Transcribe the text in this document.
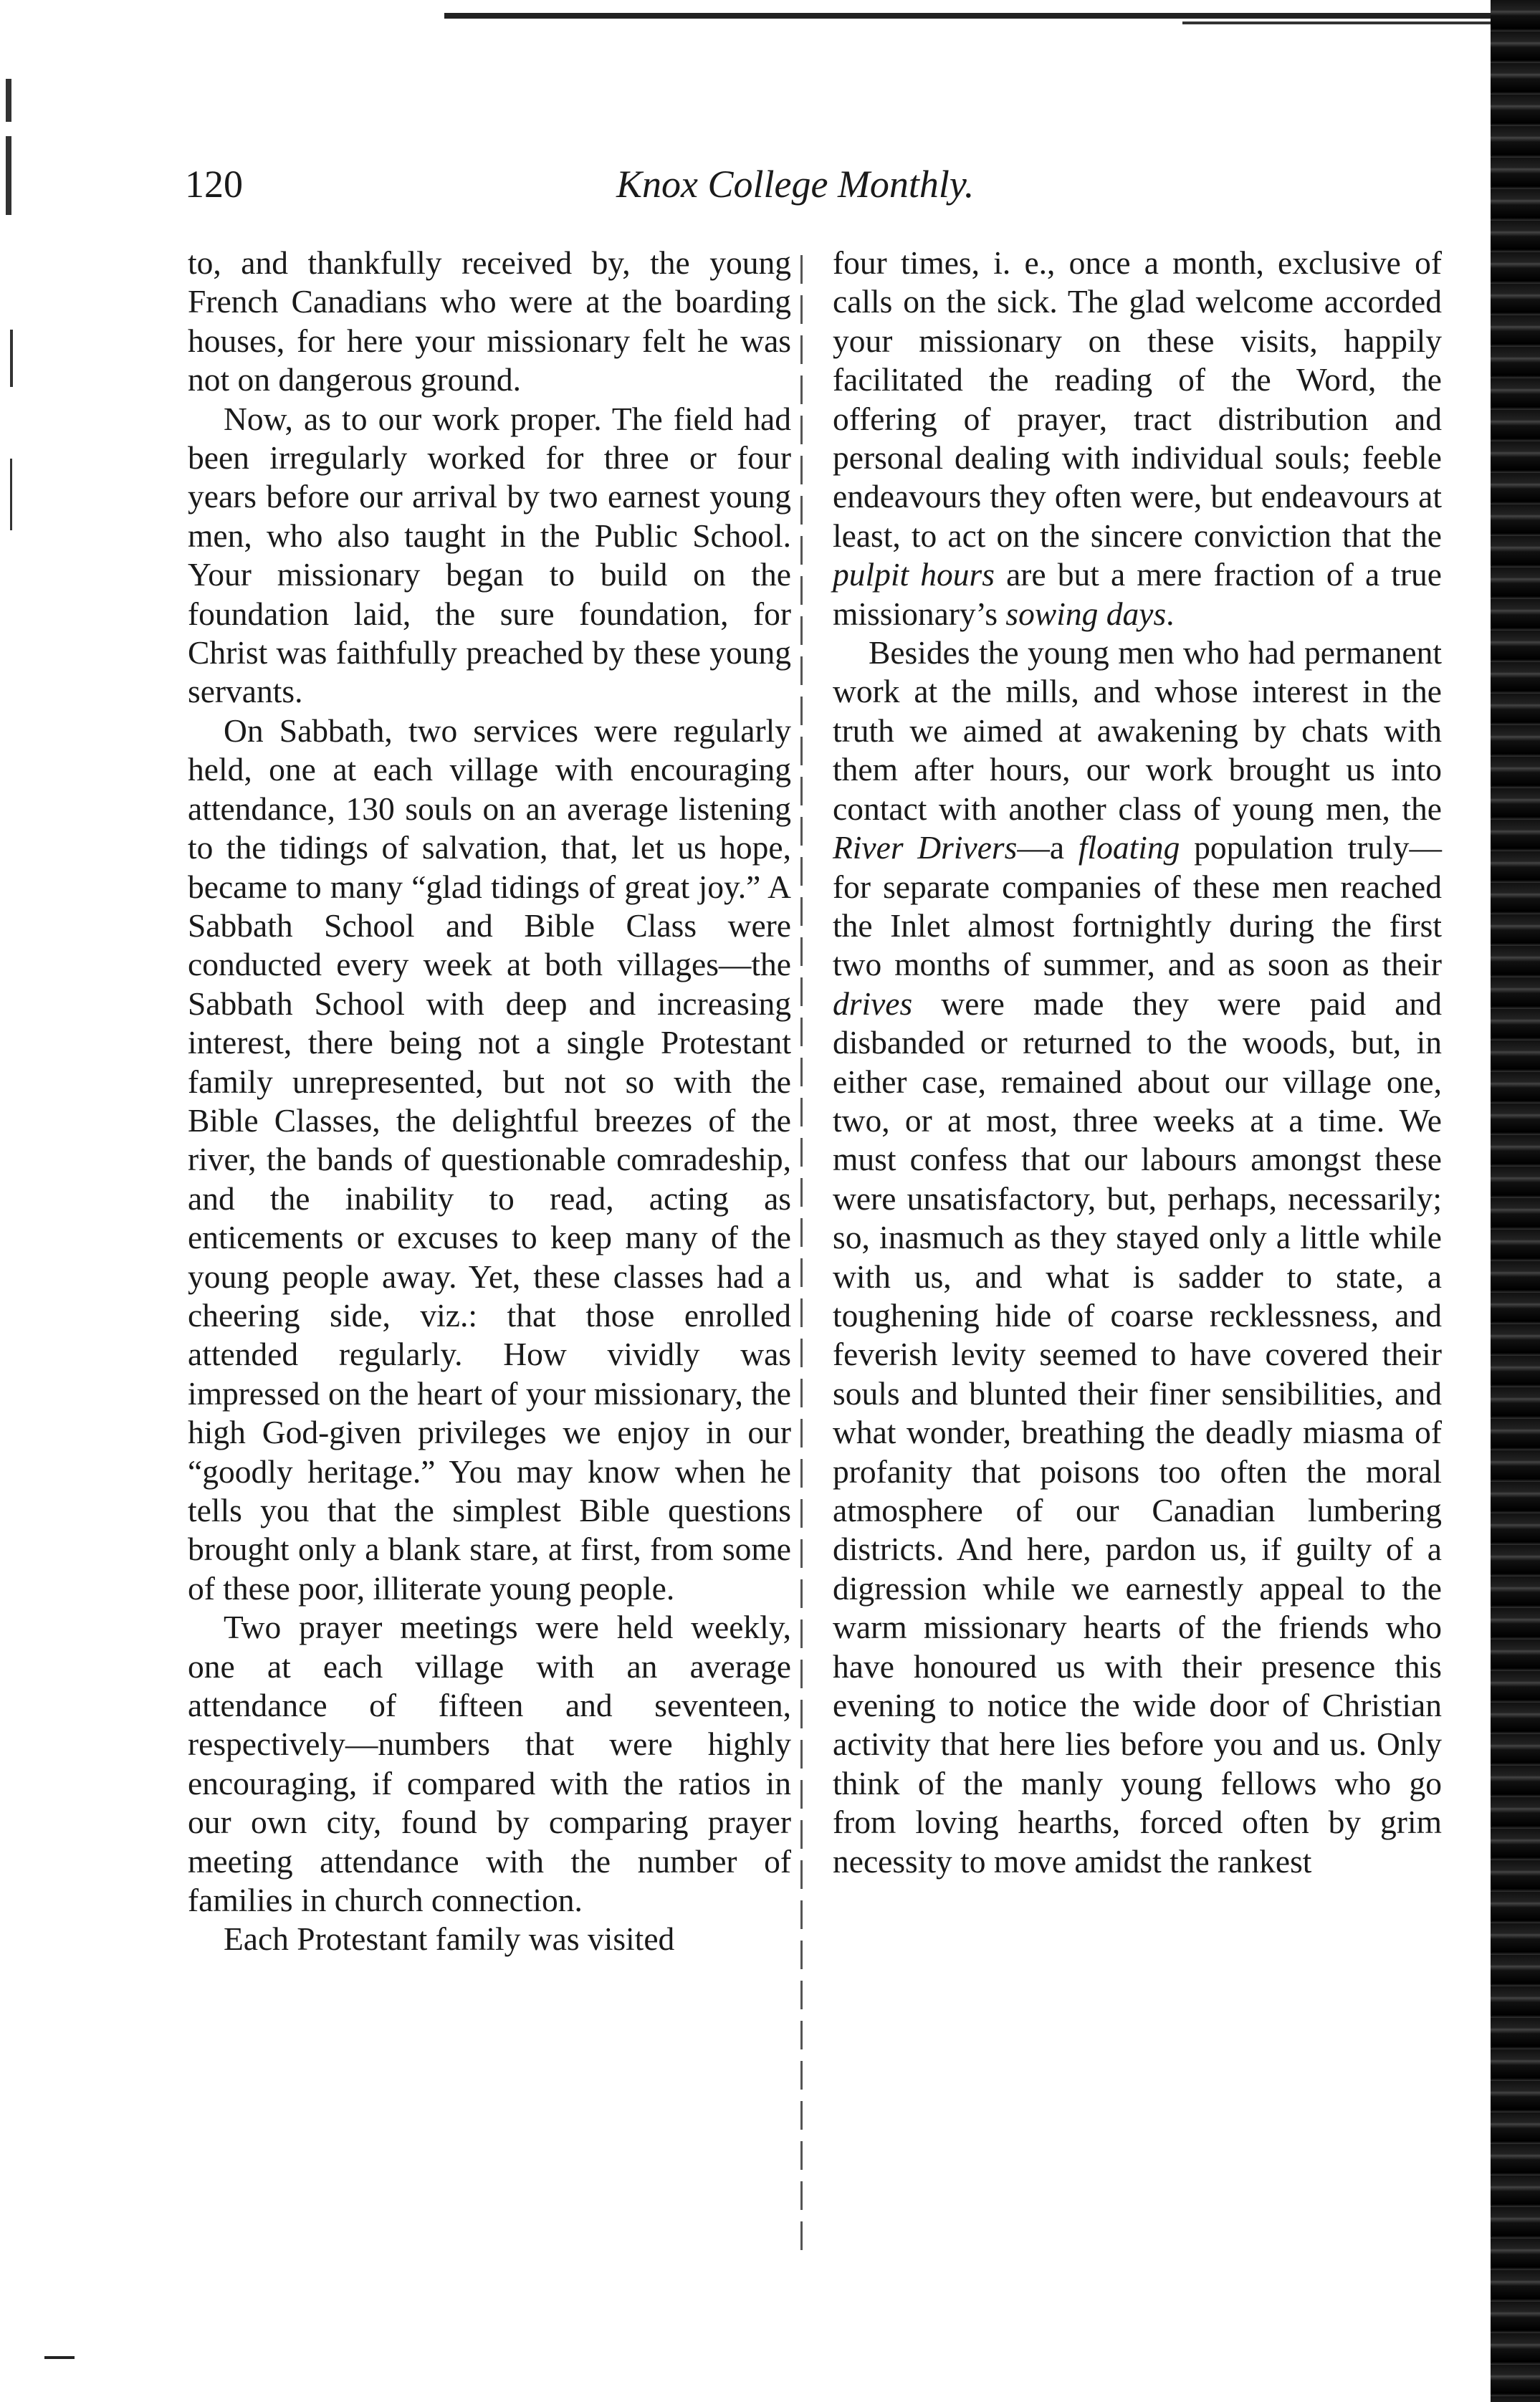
120	Knox College Monthly.

to, and thankfully received by, the young French Canadians who were at the boarding houses, for here your missionary felt he was not on dangerous ground.

Now, as to our work proper. The field had been irregularly worked for three or four years before our arrival by two earnest young men, who also taught in the Public School. Your missionary began to build on the foundation laid, the sure foundation, for Christ was faithfully preached by these young servants.

On Sabbath, two services were regularly held, one at each village with encouraging attendance, 130 souls on an average listening to the tidings of salvation, that, let us hope, became to many “glad tidings of great joy.” A Sabbath School and Bible Class were conducted every week at both villages—the Sabbath School with deep and increasing interest, there being not a single Protestant family unrepresented, but not so with the Bible Classes, the delightful breezes of the river, the bands of questionable comradeship, and the inability to read, acting as enticements or excuses to keep many of the young people away. Yet, these classes had a cheering side, viz.: that those enrolled attended regularly. How vividly was impressed on the heart of your missionary, the high God-given privileges we enjoy in our “goodly heritage.” You may know when he tells you that the simplest Bible questions brought only a blank stare, at first, from some of these poor, illiterate young people.

Two prayer meetings were held weekly, one at each village with an average attendance of fifteen and seventeen, respectively—numbers that were highly encouraging, if compared with the ratios in our own city, found by comparing prayer meeting attendance with the number of families in church connection.

Each Protestant family was visited

four times, i. e., once a month, exclusive of calls on the sick. The glad welcome accorded your missionary on these visits, happily facilitated the reading of the Word, the offering of prayer, tract distribution and personal dealing with individual souls; feeble endeavours they often were, but endeavours at least, to act on the sincere conviction that the pulpit hours are but a mere fraction of a true missionary’s sowing days.

Besides the young men who had permanent work at the mills, and whose interest in the truth we aimed at awakening by chats with them after hours, our work brought us into contact with another class of young men, the River Drivers—a floating population truly—for separate companies of these men reached the Inlet almost fortnightly during the first two months of summer, and as soon as their drives were made they were paid and disbanded or returned to the woods, but, in either case, remained about our village one, two, or at most, three weeks at a time. We must confess that our labours amongst these were unsatisfactory, but, perhaps, necessarily; so, inasmuch as they stayed only a little while with us, and what is sadder to state, a toughening hide of coarse recklessness, and feverish levity seemed to have covered their souls and blunted their finer sensibilities, and what wonder, breathing the deadly miasma of profanity that poisons too often the moral atmosphere of our Canadian lumbering districts. And here, pardon us, if guilty of a digression while we earnestly appeal to the warm missionary hearts of the friends who have honoured us with their presence this evening to notice the wide door of Christian activity that here lies before you and us. Only think of the manly young fellows who go from loving hearths, forced often by grim necessity to move amidst the rankest
